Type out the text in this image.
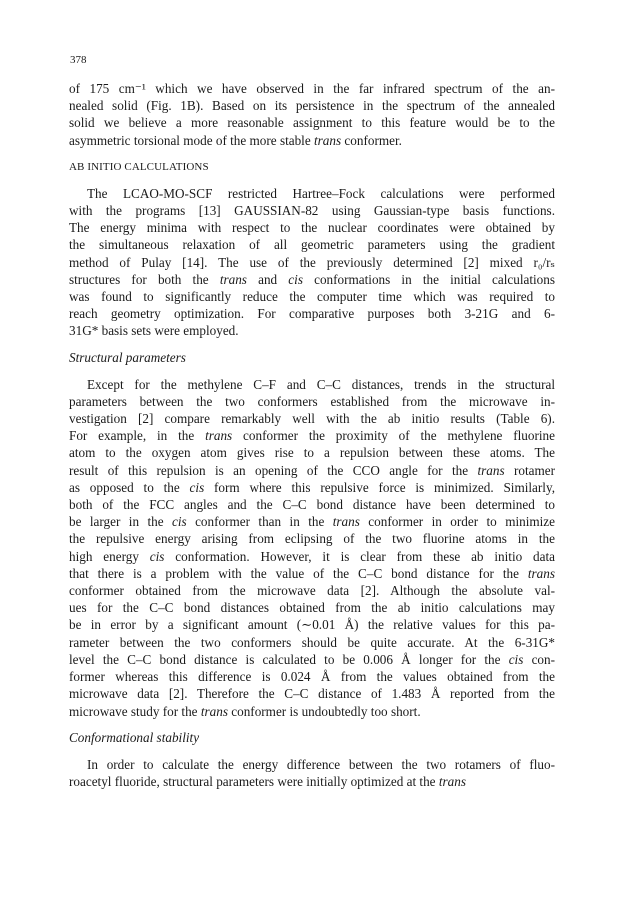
378
of 175 cm⁻¹ which we have observed in the far infrared spectrum of the an-
nealed solid (Fig. 1B). Based on its persistence in the spectrum of the annealed
solid we believe a more reasonable assignment to this feature would be to the
asymmetric torsional mode of the more stable trans conformer.
AB INITIO CALCULATIONS
The LCAO-MO-SCF restricted Hartree–Fock calculations were performed
with the programs [13] GAUSSIAN-82 using Gaussian-type basis functions.
The energy minima with respect to the nuclear coordinates were obtained by
the simultaneous relaxation of all geometric parameters using the gradient
method of Pulay [14]. The use of the previously determined [2] mixed r₀/rₛ
structures for both the trans and cis conformations in the initial calculations
was found to significantly reduce the computer time which was required to
reach geometry optimization. For comparative purposes both 3-21G and 6-
31G* basis sets were employed.
Structural parameters
Except for the methylene C–F and C–C distances, trends in the structural
parameters between the two conformers established from the microwave in-
vestigation [2] compare remarkably well with the ab initio results (Table 6).
For example, in the trans conformer the proximity of the methylene fluorine
atom to the oxygen atom gives rise to a repulsion between these atoms. The
result of this repulsion is an opening of the CCO angle for the trans rotamer
as opposed to the cis form where this repulsive force is minimized. Similarly,
both of the FCC angles and the C–C bond distance have been determined to
be larger in the cis conformer than in the trans conformer in order to minimize
the repulsive energy arising from eclipsing of the two fluorine atoms in the
high energy cis conformation. However, it is clear from these ab initio data
that there is a problem with the value of the C–C bond distance for the trans
conformer obtained from the microwave data [2]. Although the absolute val-
ues for the C–C bond distances obtained from the ab initio calculations may
be in error by a significant amount (∼0.01 Å) the relative values for this pa-
rameter between the two conformers should be quite accurate. At the 6-31G*
level the C–C bond distance is calculated to be 0.006 Å longer for the cis con-
former whereas this difference is 0.024 Å from the values obtained from the
microwave data [2]. Therefore the C–C distance of 1.483 Å reported from the
microwave study for the trans conformer is undoubtedly too short.
Conformational stability
In order to calculate the energy difference between the two rotamers of fluo-
roacetyl fluoride, structural parameters were initially optimized at the trans
